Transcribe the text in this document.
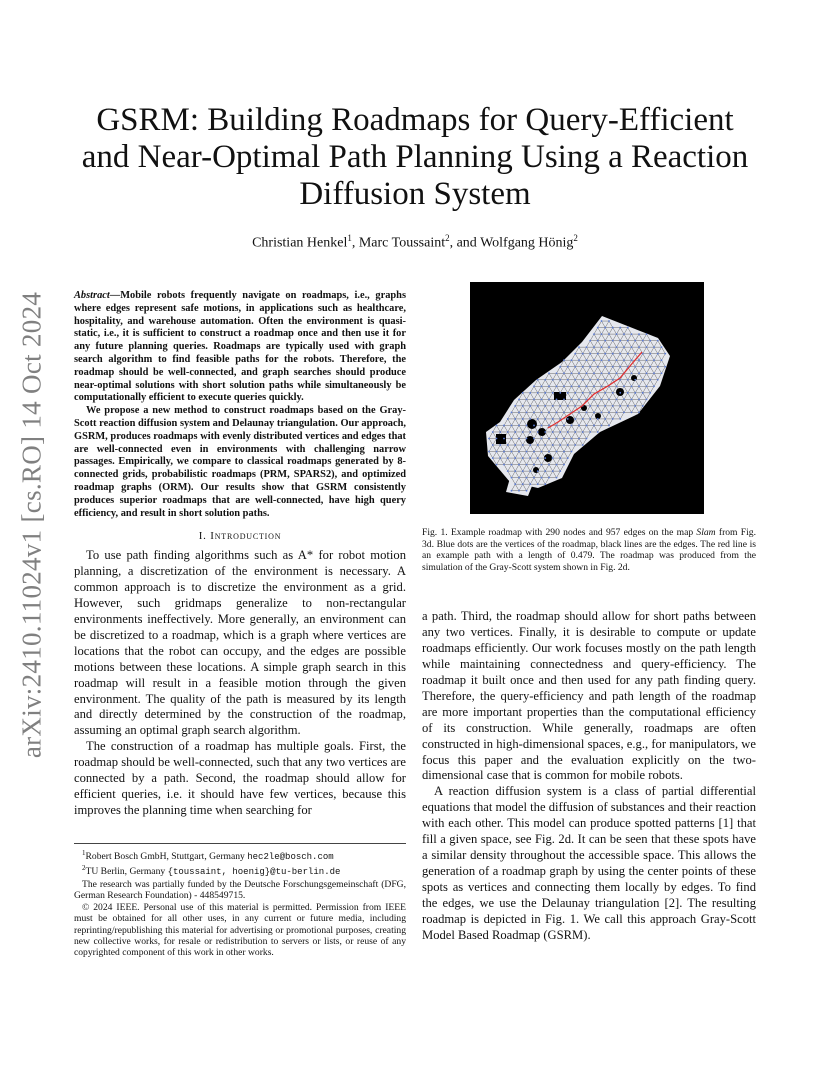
arXiv:2410.11024v1 [cs.RO] 14 Oct 2024
GSRM: Building Roadmaps for Query-Efficient and Near-Optimal Path Planning Using a Reaction Diffusion System
Christian Henkel$^1$, Marc Toussaint$^2$, and Wolfgang Hönig$^2$

Abstract—Mobile robots frequently navigate on roadmaps, i.e., graphs where edges represent safe motions, in applications such as healthcare, hospitality, and warehouse automation. Often the environment is quasi-static, i.e., it is sufficient to construct a roadmap once and then use it for any future planning queries. Roadmaps are typically used with graph search algorithm to find feasible paths for the robots. Therefore, the roadmap should be well-connected, and graph searches should produce near-optimal solutions with short solution paths while simultaneously be computationally efficient to execute queries quickly.

We propose a new method to construct roadmaps based on the Gray-Scott reaction diffusion system and Delaunay triangulation. Our approach, GSRM, produces roadmaps with evenly distributed vertices and edges that are well-connected even in environments with challenging narrow passages. Empirically, we compare to classical roadmaps generated by 8-connected grids, probabilistic roadmaps (PRM, SPARS2), and optimized roadmap graphs (ORM). Our results show that GSRM consistently produces superior roadmaps that are well-connected, have high query efficiency, and result in short solution paths.

I. Introduction

To use path finding algorithms such as A* for robot motion planning, a discretization of the environment is necessary. A common approach is to discretize the environment as a grid. However, such gridmaps generalize to non-rectangular environments ineffectively. More generally, an environment can be discretized to a roadmap, which is a graph where vertices are locations that the robot can occupy, and the edges are possible motions between these locations. A simple graph search in this roadmap will result in a feasible motion through the given environment. The quality of the path is measured by its length and directly determined by the construction of the roadmap, assuming an optimal graph search algorithm.

The construction of a roadmap has multiple goals. First, the roadmap should be well-connected, such that any two vertices are connected by a path. Second, the roadmap should allow for efficient queries, i.e. it should have few vertices, because this improves the planning time when searching for

$^1$Robert Bosch GmbH, Stuttgart, Germany hec2le@bosch.com

$^2$TU Berlin, Germany {toussaint, hoenig}@tu-berlin.de

The research was partially funded by the Deutsche Forschungsgemeinschaft (DFG, German Research Foundation) - 448549715.

© 2024 IEEE. Personal use of this material is permitted. Permission from IEEE must be obtained for all other uses, in any current or future media, including reprinting/republishing this material for advertising or promotional purposes, creating new collective works, for resale or redistribution to servers or lists, or reuse of any copyrighted component of this work in other works.

Fig. 1. Example roadmap with 290 nodes and 957 edges on the map Slam from Fig. 3d. Blue dots are the vertices of the roadmap, black lines are the edges. The red line is an example path with a length of 0.479. The roadmap was produced from the simulation of the Gray-Scott system shown in Fig. 2d.

a path. Third, the roadmap should allow for short paths between any two vertices. Finally, it is desirable to compute or update roadmaps efficiently. Our work focuses mostly on the path length while maintaining connectedness and query-efficiency. The roadmap it built once and then used for any path finding query. Therefore, the query-efficiency and path length of the roadmap are more important properties than the computational efficiency of its construction. While generally, roadmaps are often constructed in high-dimensional spaces, e.g., for manipulators, we focus this paper and the evaluation explicitly on the two-dimensional case that is common for mobile robots.

A reaction diffusion system is a class of partial differential equations that model the diffusion of substances and their reaction with each other. This model can produce spotted patterns [1] that fill a given space, see Fig. 2d. It can be seen that these spots have a similar density throughout the accessible space. This allows the generation of a roadmap graph by using the center points of these spots as vertices and connecting them locally by edges. To find the edges, we use the Delaunay triangulation [2]. The resulting roadmap is depicted in Fig. 1. We call this approach Gray-Scott Model Based Roadmap (GSRM).
